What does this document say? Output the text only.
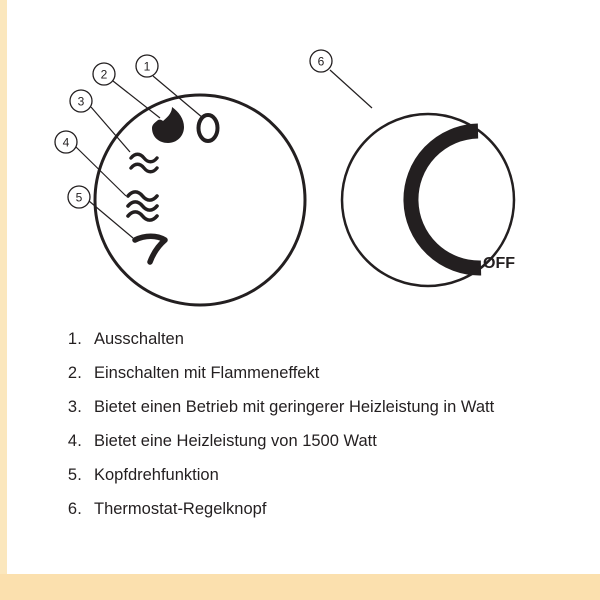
1
2
3
4
5
OFF
6
1. Ausschalten
2. Einschalten mit Flammeneffekt
3. Bietet einen Betrieb mit geringerer Heizleistung in Watt
4. Bietet eine Heizleistung von 1500 Watt
5. Kopfdrehfunktion
6. Thermostat-Regelknopf
